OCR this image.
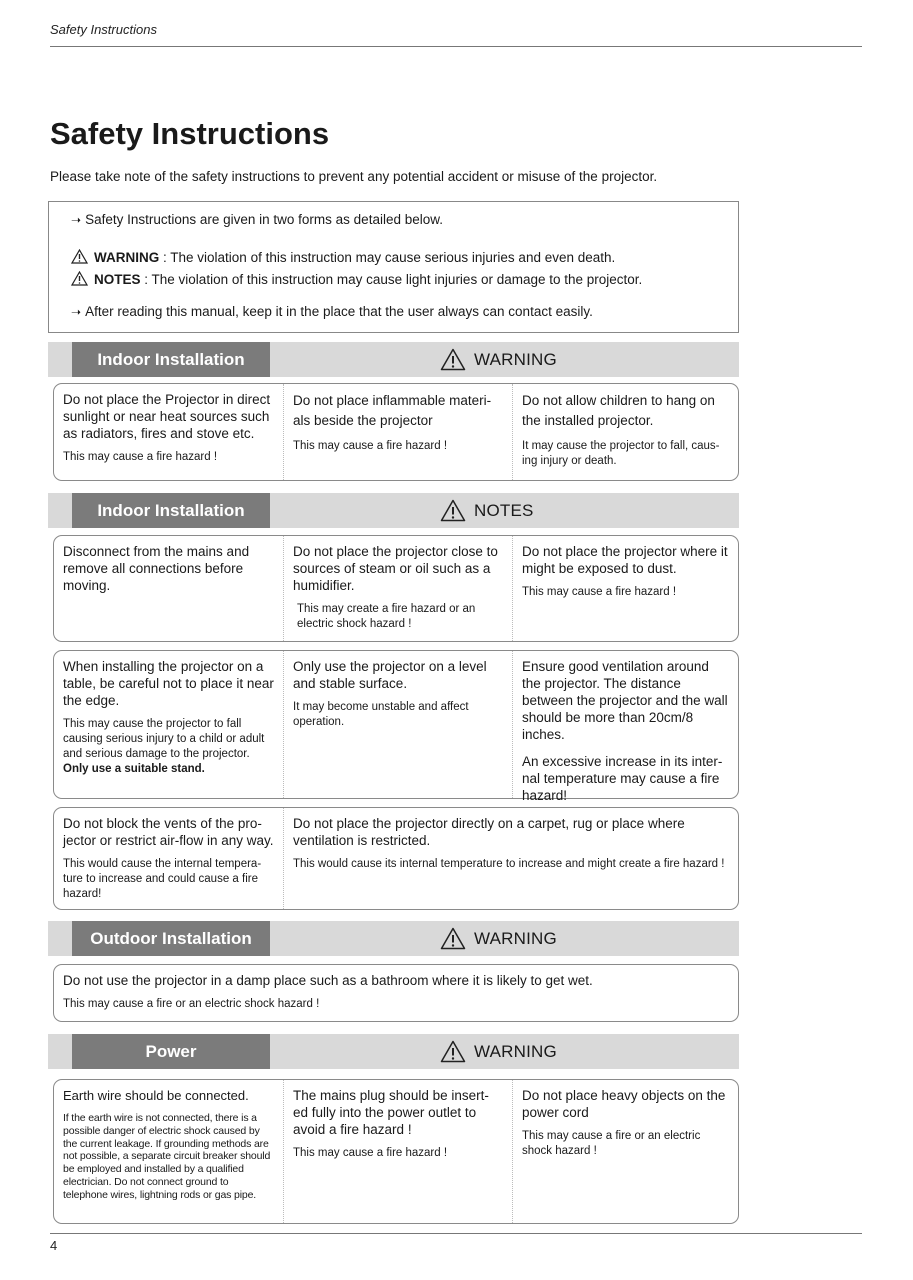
Safety Instructions
Safety Instructions

Please take note of the safety instructions to prevent any potential accident or misuse of the projector.

➝ Safety Instructions are given in two forms as detailed below.
WARNING : The violation of this instruction may cause serious injuries and even death.
NOTES : The violation of this instruction may cause light injuries or damage to the projector.
➝ After reading this manual, keep it in the place that the user always can contact easily.
Indoor Installation	WARNING
Do not place the Projector in direct sunlight or near heat sources such as radiators, fires and stove etc.
This may cause a fire hazard !
Do not place inflammable materi- als beside the projector
This may cause a fire hazard !
Do not allow children to hang on the installed projector.
It may cause the projector to fall, caus- ing injury or death.
Indoor Installation	NOTES
Disconnect from the mains and remove all connections before moving.
Do not place the projector close to sources of steam or oil such as a humidifier.
This may create a fire hazard or an electric shock hazard !
Do not place the projector where it might be exposed to dust.
This may cause a fire hazard !
When installing the projector on a table, be careful not to place it near the edge.
This may cause the projector to fall causing serious injury to a child or adult and serious damage to the projector.
Only use a suitable stand.
Only use the projector on a level and stable surface.
It may become unstable and affect operation.
Ensure good ventilation around the projector. The distance between the projector and the wall should be more than 20cm/8 inches.
An excessive increase in its inter- nal temperature may cause a fire hazard!
Do not block the vents of the pro- jector or restrict air-flow in any way.
This would cause the internal tempera- ture to increase and could cause a fire hazard!
Do not place the projector directly on a carpet, rug or place where ventilation is restricted.
This would cause its internal temperature to increase and might create a fire hazard !
Outdoor Installation	WARNING
Do not use the projector in a damp place such as a bathroom where it is likely to get wet.
This may cause a fire or an electric shock hazard !
Power	WARNING
Earth wire should be connected.
If the earth wire is not connected, there is a possible danger of electric shock caused by the current leakage. If grounding methods are not possible, a separate circuit breaker should be employed and installed by a qualified electrician. Do not connect ground to telephone wires, lightning rods or gas pipe.
The mains plug should be insert- ed fully into the power outlet to avoid a fire hazard !
This may cause a fire hazard !
Do not place heavy objects on the power cord
This may cause a fire or an electric shock hazard !
4
